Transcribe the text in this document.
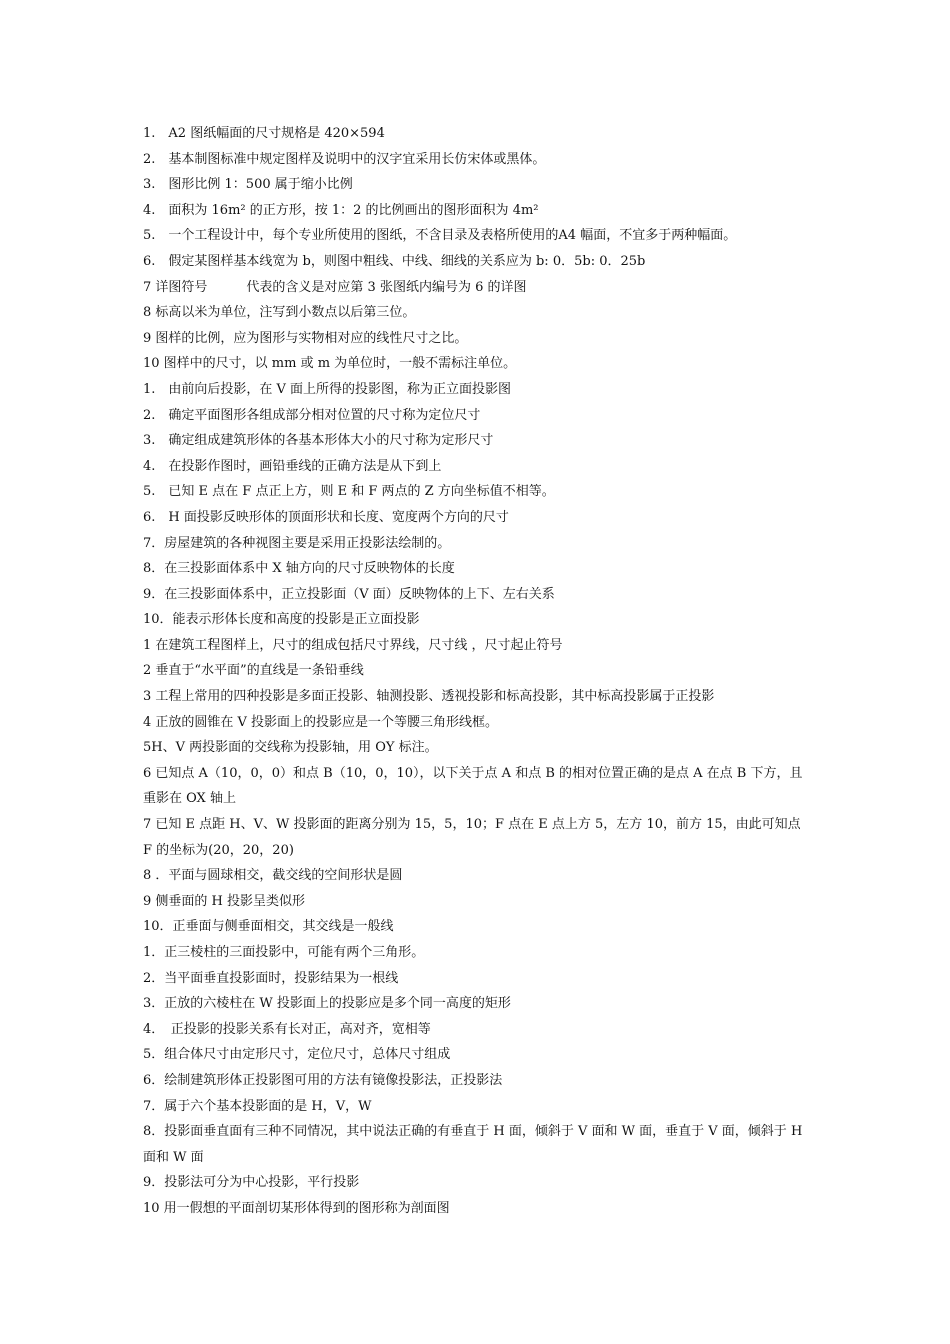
1.　A2 图纸幅面的尺寸规格是 420×594
2.　基本制图标准中规定图样及说明中的汉字宜采用长仿宋体或黑体。
3.　图形比例 1：500 属于缩小比例
4.　面积为 16m² 的正方形，按 1：2 的比例画出的图形面积为 4m²
5.　一个工程设计中，每个专业所使用的图纸，不含目录及表格所使用的A4 幅面，不宜多于两种幅面。
6.　假定某图样基本线宽为 b，则图中粗线、中线、细线的关系应为 b: 0．5b: 0．25b
7 详图符号　　　代表的含义是对应第 3 张图纸内编号为 6 的详图
8 标高以米为单位，注写到小数点以后第三位。
9 图样的比例，应为图形与实物相对应的线性尺寸之比。
10 图样中的尺寸，以 mm 或 m 为单位时，一般不需标注单位。
1.　由前向后投影，在 V 面上所得的投影图，称为正立面投影图
2.　确定平面图形各组成部分相对位置的尺寸称为定位尺寸
3.　确定组成建筑形体的各基本形体大小的尺寸称为定形尺寸
4.　在投影作图时，画铅垂线的正确方法是从下到上
5.　已知 E 点在 F 点正上方，则 E 和 F 两点的 Z 方向坐标值不相等。
6.　H 面投影反映形体的顶面形状和长度、宽度两个方向的尺寸
7．房屋建筑的各种视图主要是采用正投影法绘制的。
8．在三投影面体系中 X 轴方向的尺寸反映物体的长度
9．在三投影面体系中，正立投影面（V 面）反映物体的上下、左右关系
10．能表示形体长度和高度的投影是正立面投影
1 在建筑工程图样上，尺寸的组成包括尺寸界线，尺寸线 ，尺寸起止符号
2 垂直于“水平面”的直线是一条铅垂线
3 工程上常用的四种投影是多面正投影、轴测投影、透视投影和标高投影，其中标高投影属于正投影
4 正放的圆锥在 V 投影面上的投影应是一个等腰三角形线框。
5H、V 两投影面的交线称为投影轴，用 OY 标注。
6 已知点 A（10，0，0）和点 B（10，0，10），以下关于点 A 和点 B 的相对位置正确的是点 A 在点 B 下方，且重影在 OX 轴上
7 已知 E 点距 H、V、W 投影面的距离分别为 15，5，10；F 点在 E 点上方 5，左方 10，前方 15，由此可知点 F 的坐标为(20，20，20)
8 ．平面与圆球相交，截交线的空间形状是圆
9 侧垂面的 H 投影呈类似形
10．正垂面与侧垂面相交，其交线是一般线
1．正三棱柱的三面投影中，可能有两个三角形。
2．当平面垂直投影面时，投影结果为一根线
3．正放的六棱柱在 W 投影面上的投影应是多个同一高度的矩形
4．　正投影的投影关系有长对正，高对齐，宽相等
5．组合体尺寸由定形尺寸，定位尺寸，总体尺寸组成
6．绘制建筑形体正投影图可用的方法有镜像投影法，正投影法
7．属于六个基本投影面的是 H，V，W
8．投影面垂直面有三种不同情况，其中说法正确的有垂直于 H 面，倾斜于 V 面和 W 面，垂直于 V 面，倾斜于 H 面和 W 面
9．投影法可分为中心投影，平行投影
10 用一假想的平面剖切某形体得到的图形称为剖面图
